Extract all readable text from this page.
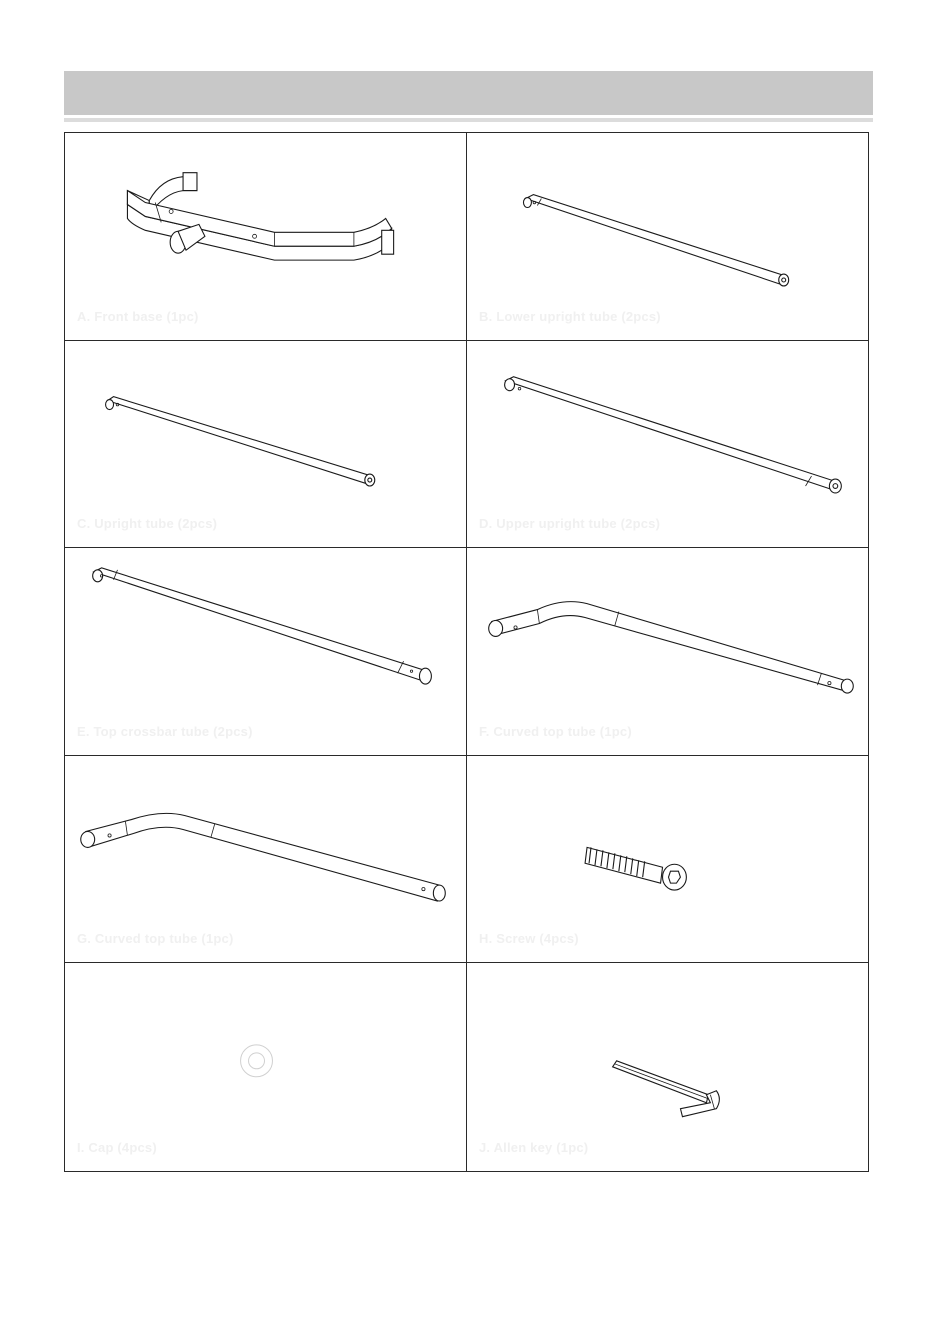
A. Front base (1pc)	B. Lower upright tube (2pcs)
C. Upright tube (2pcs)	D. Upper upright tube (2pcs)
E. Top crossbar tube (2pcs)	F. Curved top tube (1pc)
G. Curved top tube (1pc)	H. Screw (4pcs)
I. Cap (4pcs)	J. Allen key (1pc)
